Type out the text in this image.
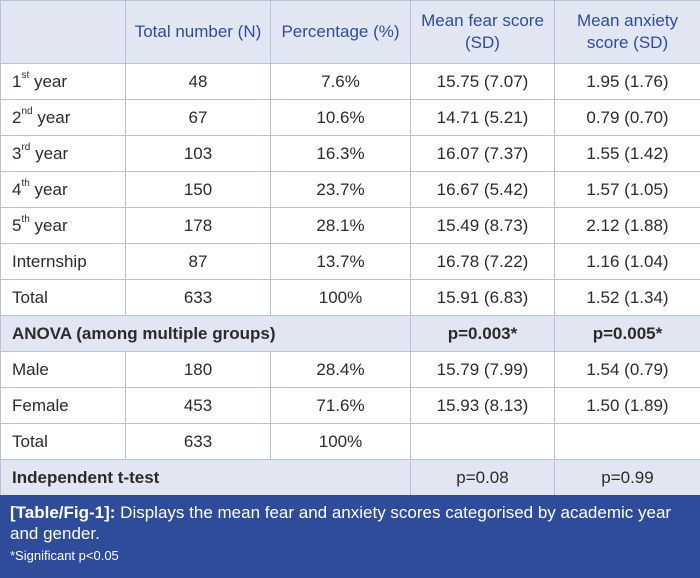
	Total number (N)	Percentage (%)	Mean fear score (SD)	Mean anxiety score (SD)
1st year	48	7.6%	15.75 (7.07)	1.95 (1.76)
2nd year	67	10.6%	14.71 (5.21)	0.79 (0.70)
3rd year	103	16.3%	16.07 (7.37)	1.55 (1.42)
4th year	150	23.7%	16.67 (5.42)	1.57 (1.05)
5th year	178	28.1%	15.49 (8.73)	2.12 (1.88)
Internship	87	13.7%	16.78 (7.22)	1.16 (1.04)
Total	633	100%	15.91 (6.83)	1.52 (1.34)
ANOVA (among multiple groups)			p=0.003*	p=0.005*
Male	180	28.4%	15.79 (7.99)	1.54 (0.79)
Female	453	71.6%	15.93 (8.13)	1.50 (1.89)
Total	633	100%		
Independent t-test			p=0.08	p=0.99
[Table/Fig-1]: Displays the mean fear and anxiety scores categorised by academic year and gender.
*Significant p<0.05
